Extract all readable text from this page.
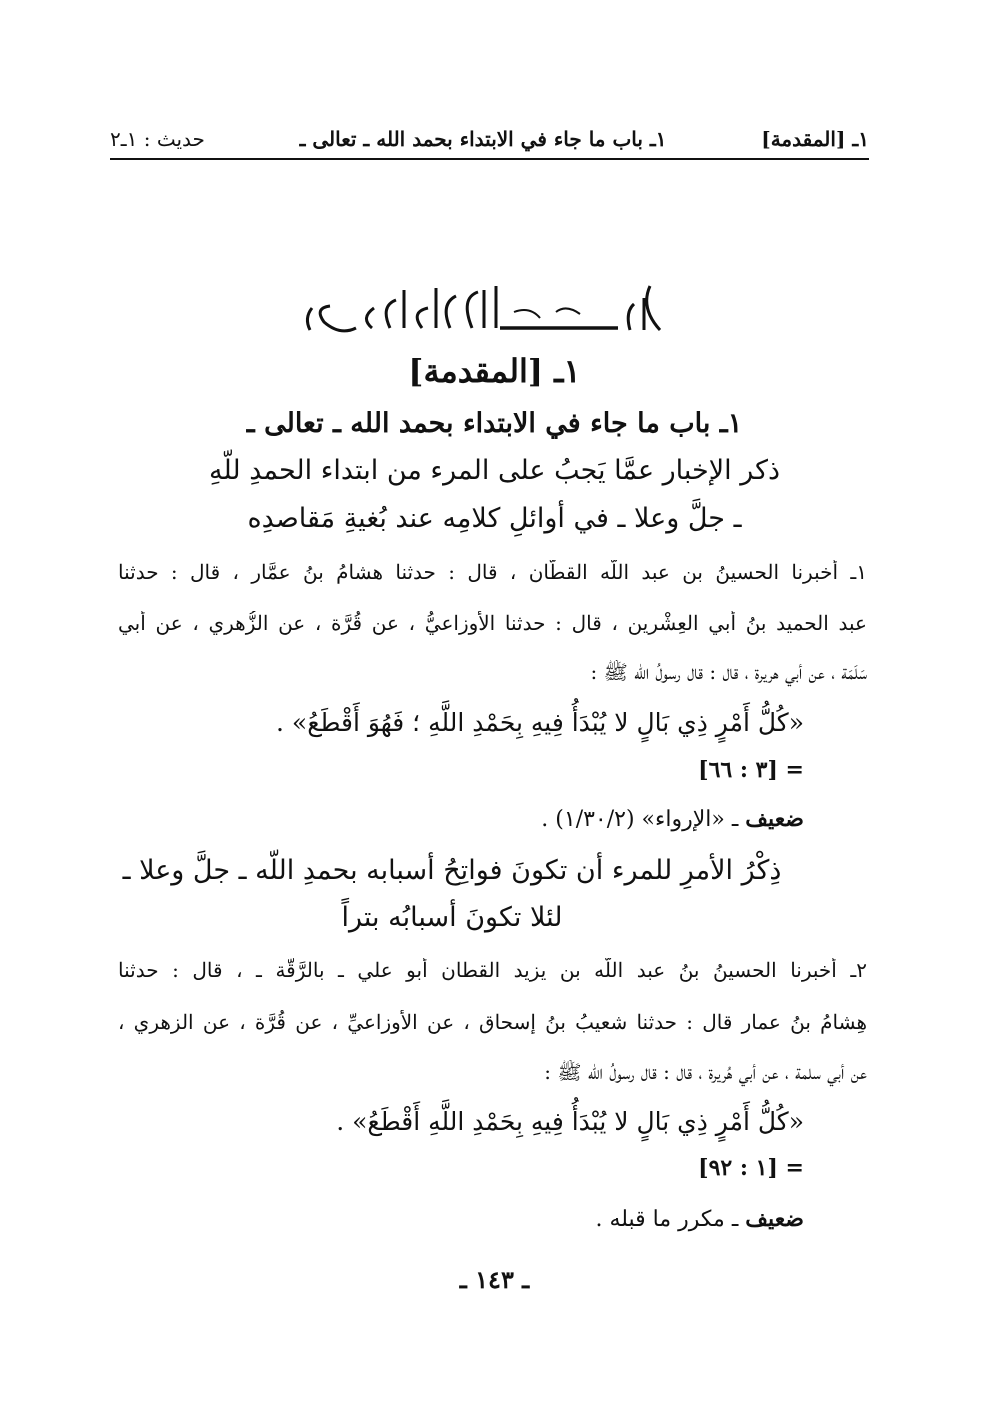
١ـ [المقدمة]
١ـ باب ما جاء في الابتداء بحمد الله ـ تعالى ـ
حديث : ١ـ٢
١ـ [المقدمة]
١ـ باب ما جاء في الابتداء بحمد الله ـ تعالى ـ
ذكر الإخبار عمَّا يَجبُ على المرء من ابتداء الحمدِ للّهِ
ـ جلَّ وعلا ـ في أوائلِ كلامِه عند بُغيةِ مَقاصدِه
١ـ أخبرنا الحسينُ بن عبد اللّه القطَّان ، قال : حدثنا هشامُ بنُ عمَّار ، قال : حدثنا
عبد الحميد بنُ أبي العِشْرين ، قال : حدثنا الأوزاعيُّ ، عن قُرَّة ، عن الزُّهري ، عن أبي
سَلَمَة ، عن أبي هريرة ، قال : قال رسولُ اللّه ﷺ :
«كُلُّ أَمْرٍ ذِي بَالٍ لا يُبْدَأُ فِيهِ بِحَمْدِ اللَّهِ ؛ فَهُوَ أَقْطَعُ» .
= [٣ : ٦٦]
ضعيف ـ «الإرواء» (١/٣٠/٢) .
ذِكْرُ الأمرِ للمرء أن تكونَ فواتِحُ أسبابه بحمدِ اللّه ـ جلَّ وعلا ـ
لئلا تكونَ أسبابُه بتراً
٢ـ أخبرنا الحسينُ بنُ عبد اللّه بن يزيد القطان أبو علي ـ بالرَّقَّة ـ ، قال : حدثنا
هِشامُ بنُ عمار قال : حدثنا شعيبُ بنُ إسحاق ، عن الأوزاعيِّ ، عن قُرَّة ، عن الزهري ،
عن أبي سلمة ، عن أبي هُريرة ، قال : قال رسولُ اللّه ﷺ :
«كُلُّ أَمْرٍ ذِي بَالٍ لا يُبْدَأُ فِيهِ بِحَمْدِ اللَّهِ أَقْطَعُ» .
= [١ : ٩٢]
ضعيف ـ مكرر ما قبله .
ـ ١٤٣ ـ
